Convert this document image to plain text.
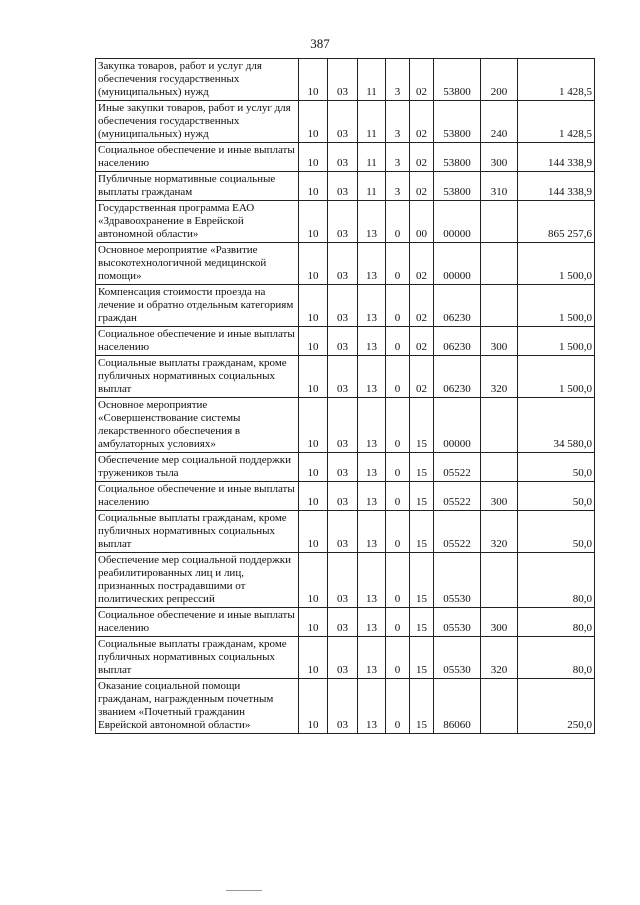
387
Закупка товаров, работ и услуг для обеспечения государственных (муниципальных) нужд	10	03	11	3	02	53800	200	1 428,5
Иные закупки товаров, работ и услуг для обеспечения государственных (муниципальных) нужд	10	03	11	3	02	53800	240	1 428,5
Социальное обеспечение и иные выплаты населению	10	03	11	3	02	53800	300	144 338,9
Публичные нормативные социальные выплаты гражданам	10	03	11	3	02	53800	310	144 338,9
Государственная программа ЕАО «Здравоохранение в Еврейской автономной области»	10	03	13	0	00	00000		865 257,6
Основное мероприятие «Развитие высокотехнологичной медицинской помощи»	10	03	13	0	02	00000		1 500,0
Компенсация стоимости проезда на лечение и обратно отдельным категориям граждан	10	03	13	0	02	06230		1 500,0
Социальное обеспечение и иные выплаты населению	10	03	13	0	02	06230	300	1 500,0
Социальные выплаты гражданам, кроме публичных нормативных социальных выплат	10	03	13	0	02	06230	320	1 500,0
Основное мероприятие «Совершенствование системы лекарственного обеспечения в амбулаторных условиях»	10	03	13	0	15	00000		34 580,0
Обеспечение мер социальной поддержки тружеников тыла	10	03	13	0	15	05522		50,0
Социальное обеспечение и иные выплаты населению	10	03	13	0	15	05522	300	50,0
Социальные выплаты гражданам, кроме публичных нормативных социальных выплат	10	03	13	0	15	05522	320	50,0
Обеспечение мер социальной поддержки реабилитированных лиц и лиц, признанных пострадавшими от политических репрессий	10	03	13	0	15	05530		80,0
Социальное обеспечение и иные выплаты населению	10	03	13	0	15	05530	300	80,0
Социальные выплаты гражданам, кроме публичных нормативных социальных выплат	10	03	13	0	15	05530	320	80,0
Оказание социальной помощи гражданам, награжденным почетным званием «Почетный гражданин Еврейской автономной области»	10	03	13	0	15	86060		250,0
